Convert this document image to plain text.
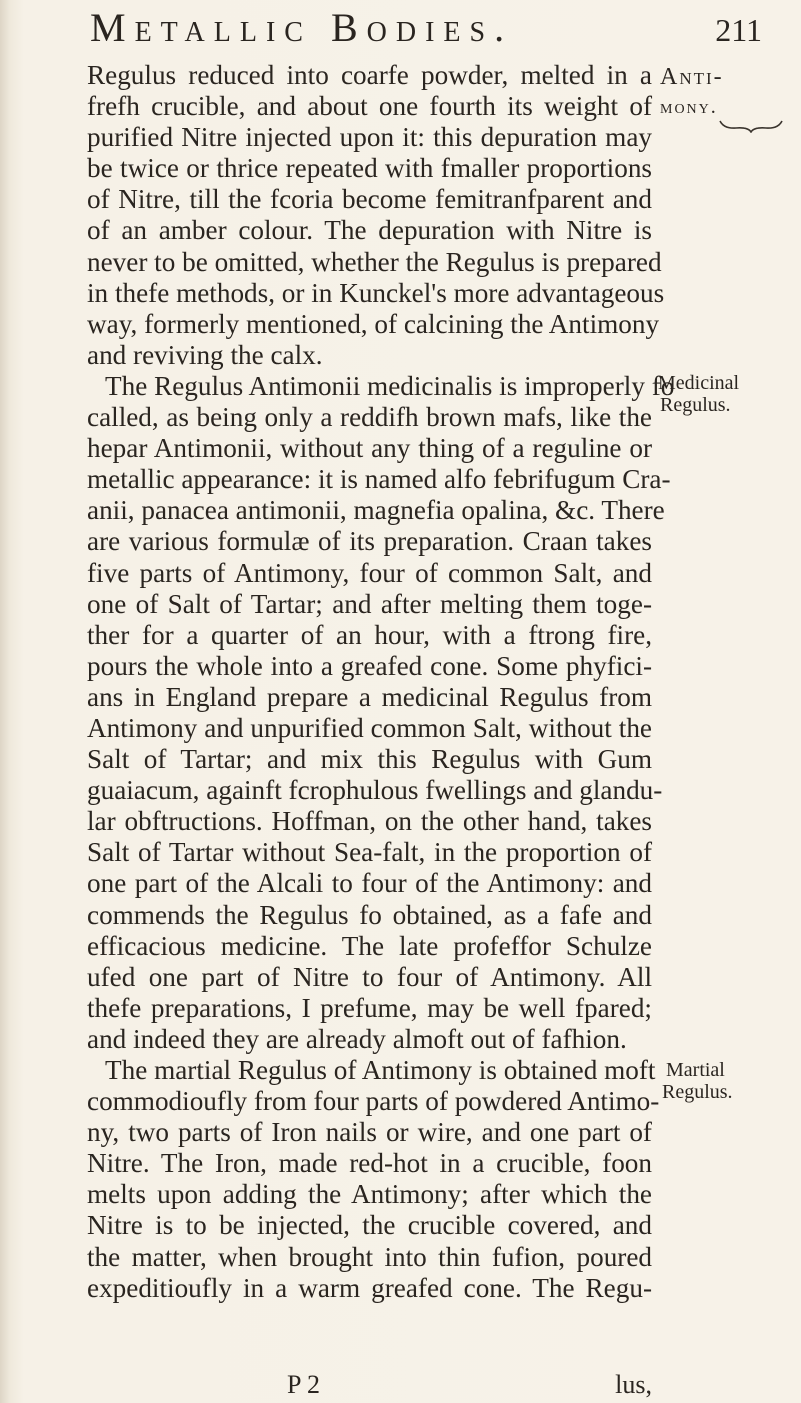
Metallic Bodies.	211
Anti-
mony.
Medicinal
Regulus.
Martial
Regulus.
Regulus reduced into coarfe powder, melted in a
frefh crucible, and about one fourth its weight of
purified Nitre injected upon it: this depuration may
be twice or thrice repeated with fmaller proportions
of Nitre, till the fcoria become femitranfparent and
of an amber colour. The depuration with Nitre is
never to be omitted, whether the Regulus is prepared
in thefe methods, or in Kunckel's more advantageous
way, formerly mentioned, of calcining the Antimony
and reviving the calx.
The Regulus Antimonii medicinalis is improperly fo
called, as being only a reddifh brown mafs, like the
hepar Antimonii, without any thing of a reguline or
metallic appearance: it is named alfo febrifugum Cra-
anii, panacea antimonii, magnefia opalina, &c. There
are various formulæ of its preparation. Craan takes
five parts of Antimony, four of common Salt, and
one of Salt of Tartar; and after melting them toge-
ther for a quarter of an hour, with a ftrong fire,
pours the whole into a greafed cone. Some phyfici-
ans in England prepare a medicinal Regulus from
Antimony and unpurified common Salt, without the
Salt of Tartar; and mix this Regulus with Gum
guaiacum, againft fcrophulous fwellings and glandu-
lar obftructions. Hoffman, on the other hand, takes
Salt of Tartar without Sea-falt, in the proportion of
one part of the Alcali to four of the Antimony: and
commends the Regulus fo obtained, as a fafe and
efficacious medicine. The late profeffor Schulze
ufed one part of Nitre to four of Antimony. All
thefe preparations, I prefume, may be well fpared;
and indeed they are already almoft out of fafhion.
The martial Regulus of Antimony is obtained moft
commodioufly from four parts of powdered Antimo-
ny, two parts of Iron nails or wire, and one part of
Nitre. The Iron, made red-hot in a crucible, foon
melts upon adding the Antimony; after which the
Nitre is to be injected, the crucible covered, and
the matter, when brought into thin fufion, poured
expeditioufly in a warm greafed cone. The Regu-
P 2	lus,
